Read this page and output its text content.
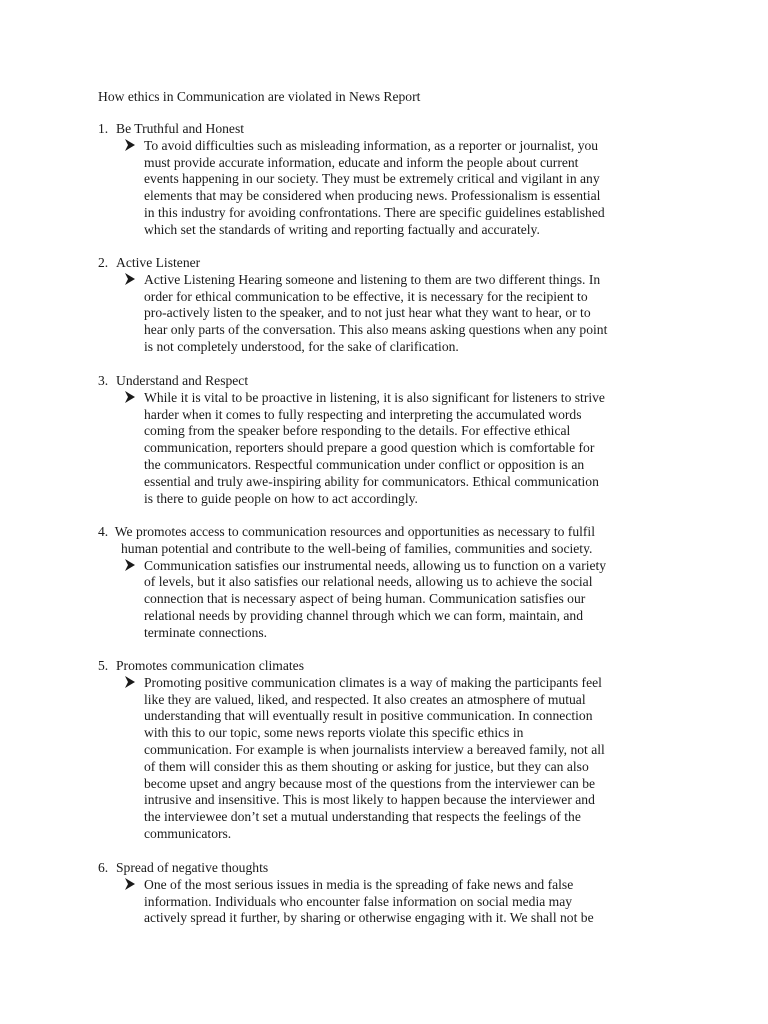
How ethics in Communication are violated in News Report
1. Be Truthful and Honest
To avoid difficulties such as misleading information, as a reporter or journalist, you
must provide accurate information, educate and inform the people about current
events happening in our society. They must be extremely critical and vigilant in any
elements that may be considered when producing news. Professionalism is essential
in this industry for avoiding confrontations. There are specific guidelines established
which set the standards of writing and reporting factually and accurately.
2. Active Listener
Active Listening Hearing someone and listening to them are two different things. In
order for ethical communication to be effective, it is necessary for the recipient to
pro-actively listen to the speaker, and to not just hear what they want to hear, or to
hear only parts of the conversation. This also means asking questions when any point
is not completely understood, for the sake of clarification.
3. Understand and Respect
While it is vital to be proactive in listening, it is also significant for listeners to strive
harder when it comes to fully respecting and interpreting the accumulated words
coming from the speaker before responding to the details. For effective ethical
communication, reporters should prepare a good question which is comfortable for
the communicators. Respectful communication under conflict or opposition is an
essential and truly awe-inspiring ability for communicators. Ethical communication
is there to guide people on how to act accordingly.
4. We promotes access to communication resources and opportunities as necessary to fulfil
human potential and contribute to the well-being of families, communities and society.
Communication satisfies our instrumental needs, allowing us to function on a variety
of levels, but it also satisfies our relational needs, allowing us to achieve the social
connection that is necessary aspect of being human. Communication satisfies our
relational needs by providing channel through which we can form, maintain, and
terminate connections.
5. Promotes communication climates
Promoting positive communication climates is a way of making the participants feel
like they are valued, liked, and respected. It also creates an atmosphere of mutual
understanding that will eventually result in positive communication. In connection
with this to our topic, some news reports violate this specific ethics in
communication. For example is when journalists interview a bereaved family, not all
of them will consider this as them shouting or asking for justice, but they can also
become upset and angry because most of the questions from the interviewer can be
intrusive and insensitive. This is most likely to happen because the interviewer and
the interviewee don’t set a mutual understanding that respects the feelings of the
communicators.
6. Spread of negative thoughts
One of the most serious issues in media is the spreading of fake news and false
information. Individuals who encounter false information on social media may
actively spread it further, by sharing or otherwise engaging with it. We shall not be
